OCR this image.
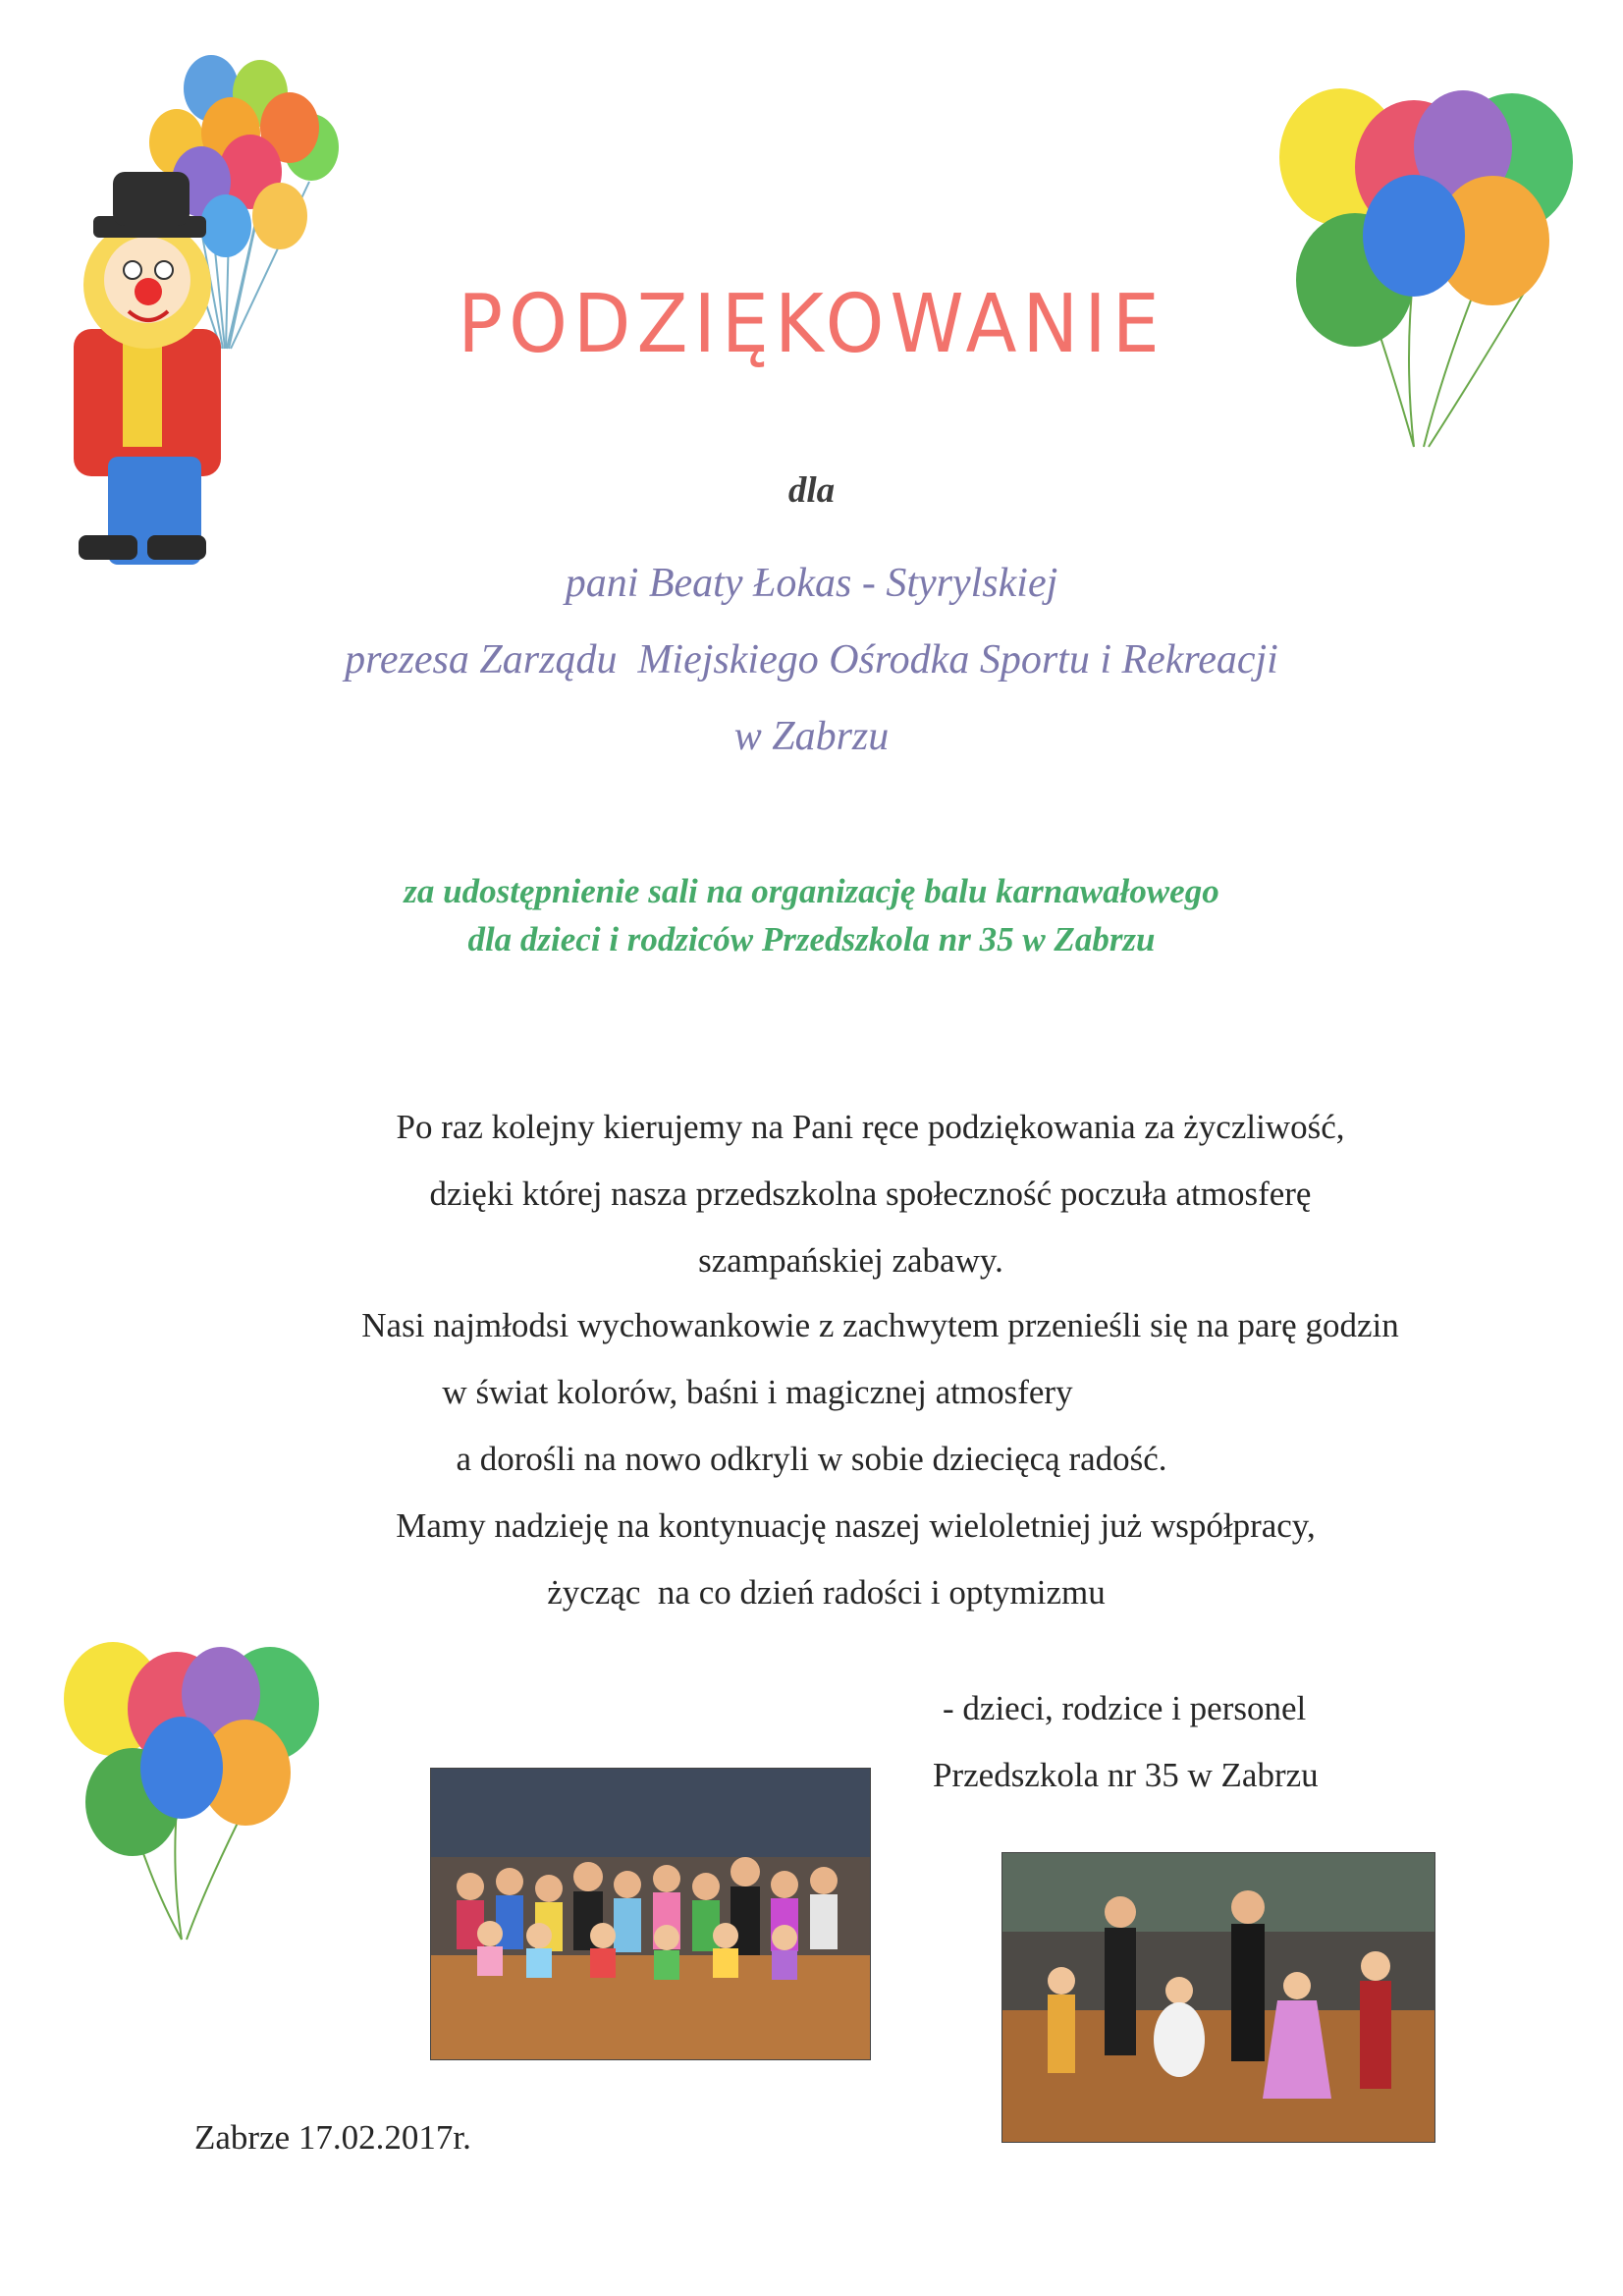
PODZIĘKOWANIE
dla
pani Beaty Łokas - Styrylskiej
prezesa Zarządu  Miejskiego Ośrodka Sportu i Rekreacji
w Zabrzu
za udostępnienie sali na organizację balu karnawałowego
dla dzieci i rodziców Przedszkola nr 35 w Zabrzu
Po raz kolejny kierujemy na Pani ręce podziękowania za życzliwość,
dzięki której nasza przedszkolna społeczność poczuła atmosferę
szampańskiej zabawy.
Nasi najmłodsi wychowankowie z zachwytem przenieśli się na parę godzin
w świat kolorów, baśni i magicznej atmosfery
a dorośli na nowo odkryli w sobie dziecięcą radość.
Mamy nadzieję na kontynuację naszej wieloletniej już współpracy,
życząc  na co dzień radości i optymizmu
- dzieci, rodzice i personel
Przedszkola nr 35 w Zabrzu
Zabrze 17.02.2017r.
